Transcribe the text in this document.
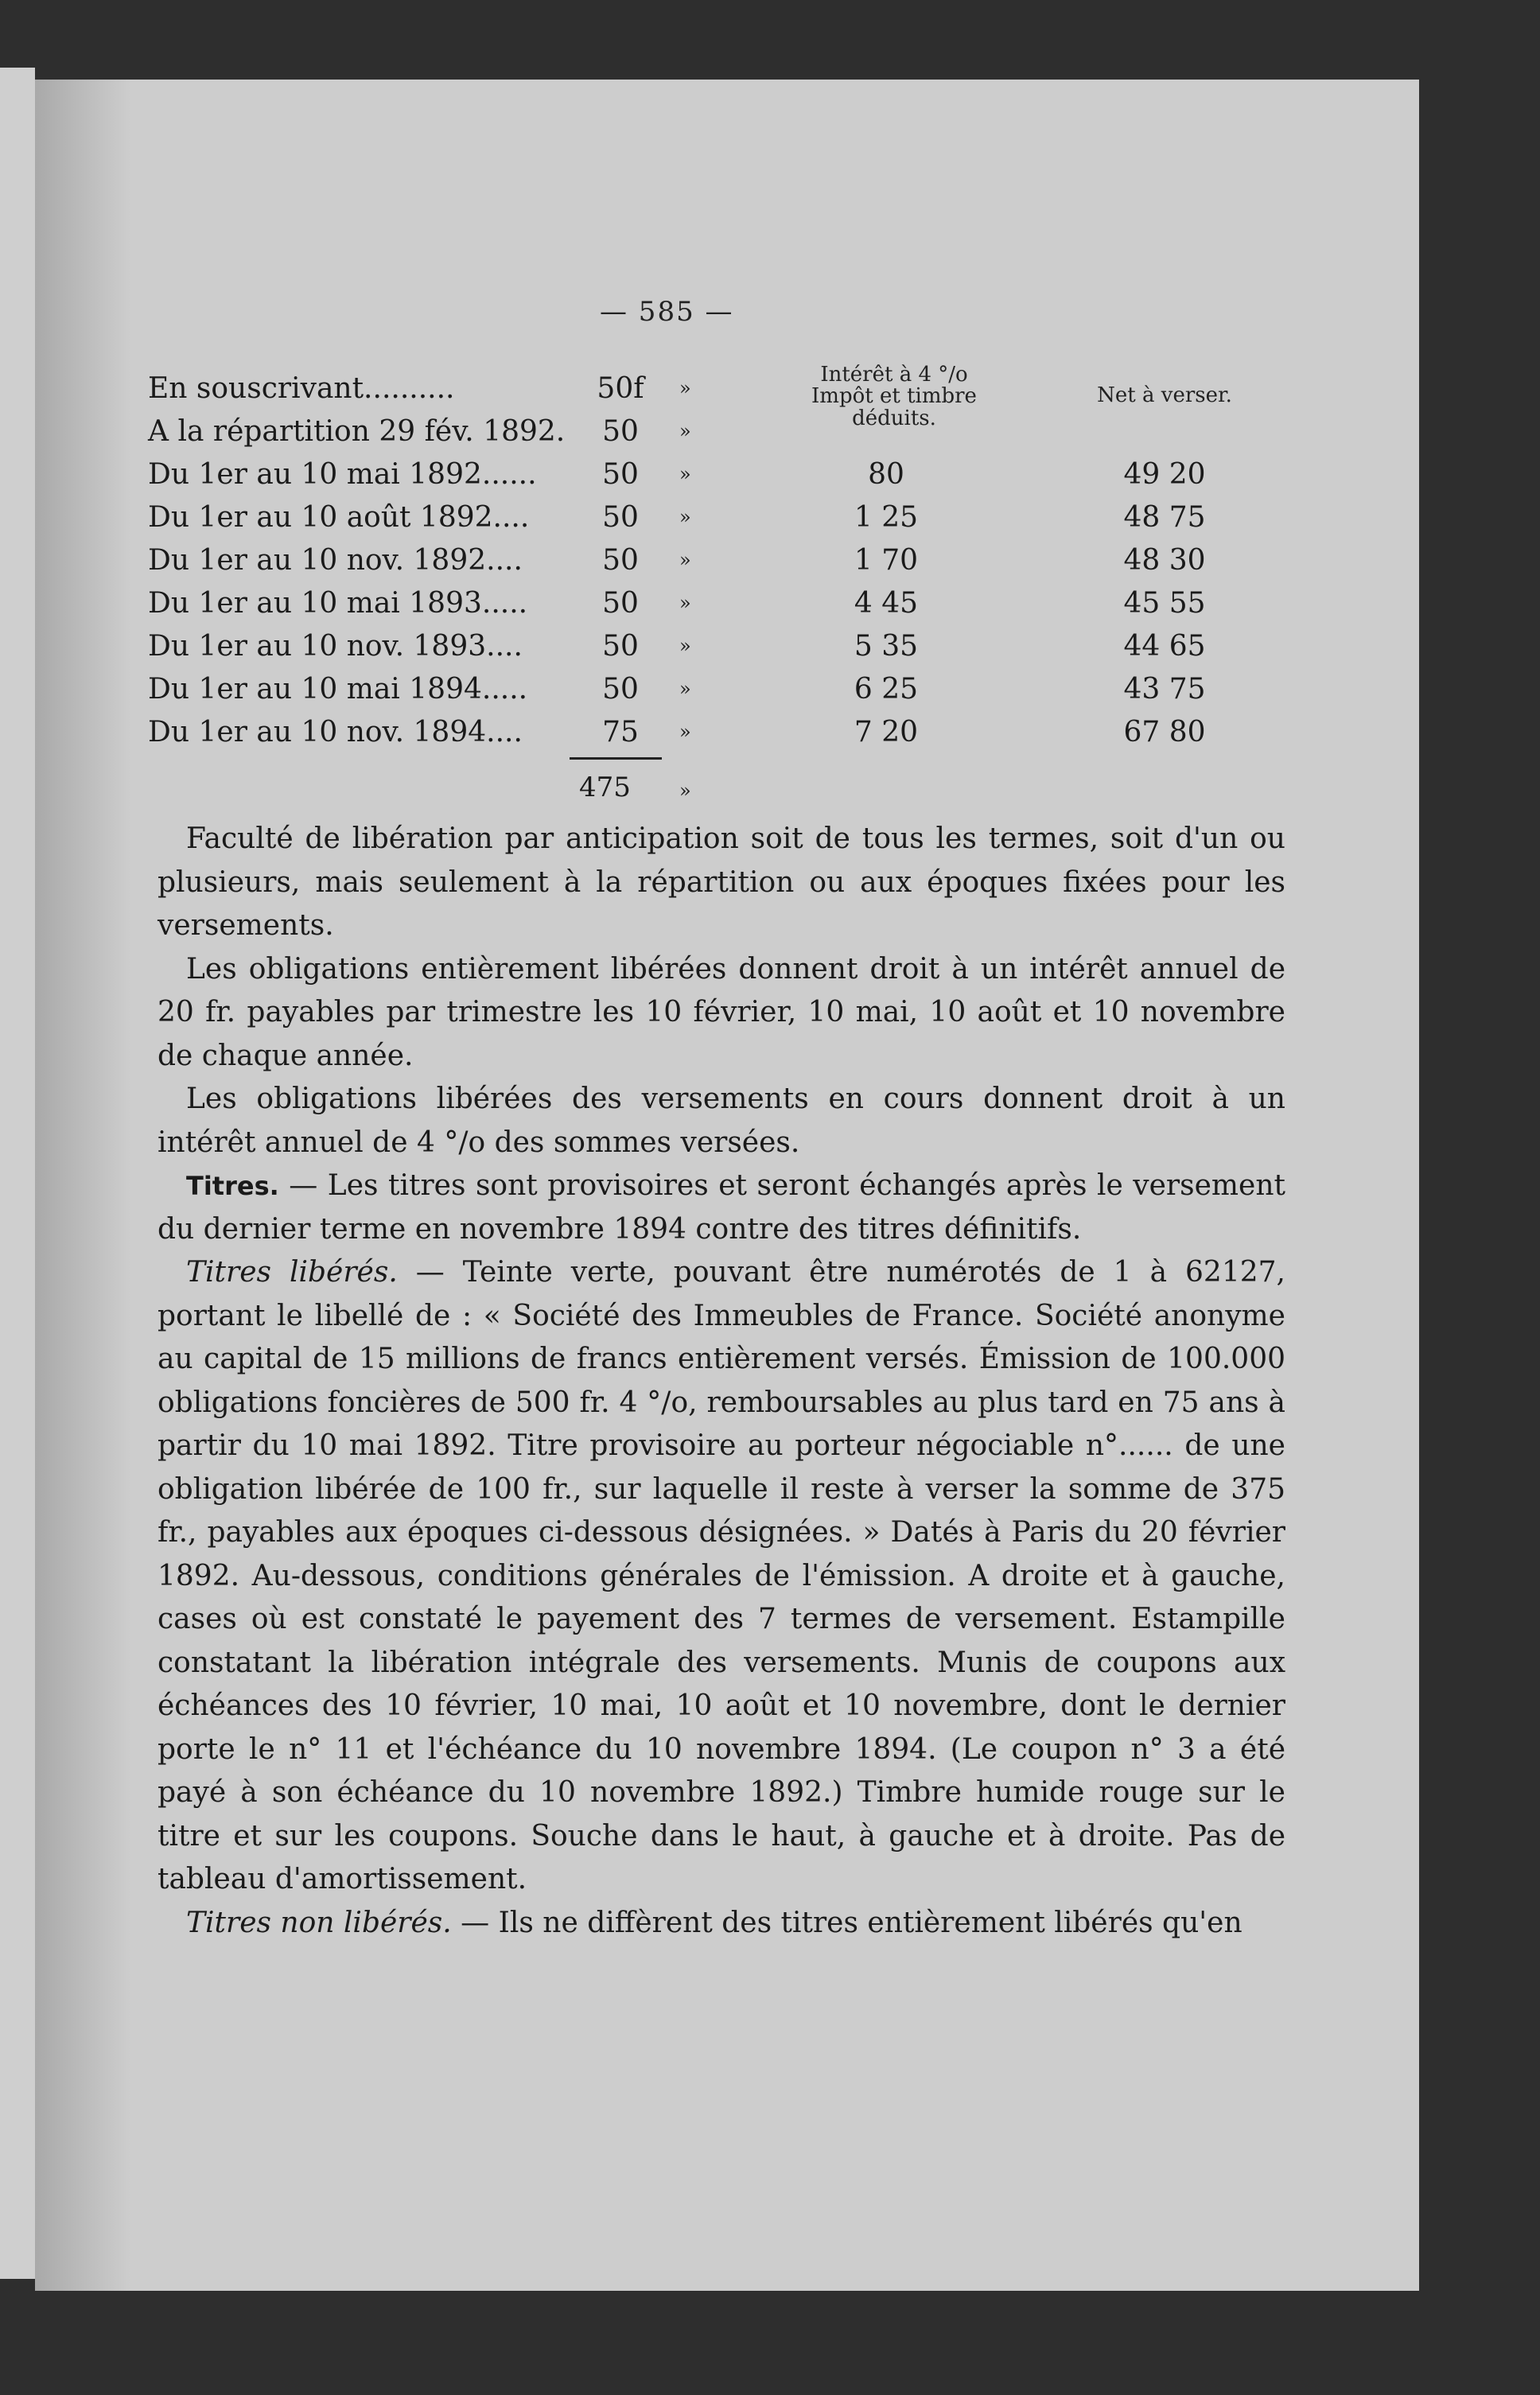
— 585 —
Intérêt à 4 °/o
Impôt et timbre
déduits.
Net à verser.
En souscrivant..........	50f	»
A la répartition 29 fév. 1892.	50	»
Du 1er au 10 mai 1892......	50	»	80	49 20
Du 1er au 10 août 1892....	50	»	1 25	48 75
Du 1er au 10 nov. 1892....	50	»	1 70	48 30
Du 1er au 10 mai 1893.....	50	»	4 45	45 55
Du 1er au 10 nov. 1893....	50	»	5 35	44 65
Du 1er au 10 mai 1894.....	50	»	6 25	43 75
Du 1er au 10 nov. 1894....	75	»	7 20	67 80
475	»

Faculté de libération par anticipation soit de tous les termes, soit d'un ou plusieurs, mais seulement à la répartition ou aux époques fixées pour les versements.

Les obligations entièrement libérées donnent droit à un intérêt annuel de 20 fr. payables par trimestre les 10 février, 10 mai, 10 août et 10 novembre de chaque année.

Les obligations libérées des versements en cours donnent droit à un intérêt annuel de 4 °/o des sommes versées.

Titres. — Les titres sont provisoires et seront échangés après le versement du dernier terme en novembre 1894 contre des titres définitifs.

Titres libérés. — Teinte verte, pouvant être numérotés de 1 à 62127, portant le libellé de : « Société des Immeubles de France. Société anonyme au capital de 15 millions de francs entièrement versés. Émission de 100.000 obligations foncières de 500 fr. 4 °/o, remboursables au plus tard en 75 ans à partir du 10 mai 1892. Titre provisoire au porteur négociable n°...... de une obligation libérée de 100 fr., sur laquelle il reste à verser la somme de 375 fr., payables aux époques ci-dessous désignées. » Datés à Paris du 20 février 1892. Au-dessous, conditions générales de l'émission. A droite et à gauche, cases où est constaté le payement des 7 termes de versement. Estampille constatant la libération intégrale des versements. Munis de coupons aux échéances des 10 février, 10 mai, 10 août et 10 novembre, dont le dernier porte le n° 11 et l'échéance du 10 novembre 1894. (Le coupon n° 3 a été payé à son échéance du 10 novembre 1892.) Timbre humide rouge sur le titre et sur les coupons. Souche dans le haut, à gauche et à droite. Pas de tableau d'amortissement.

Titres non libérés. — Ils ne diffèrent des titres entièrement libérés qu'en
